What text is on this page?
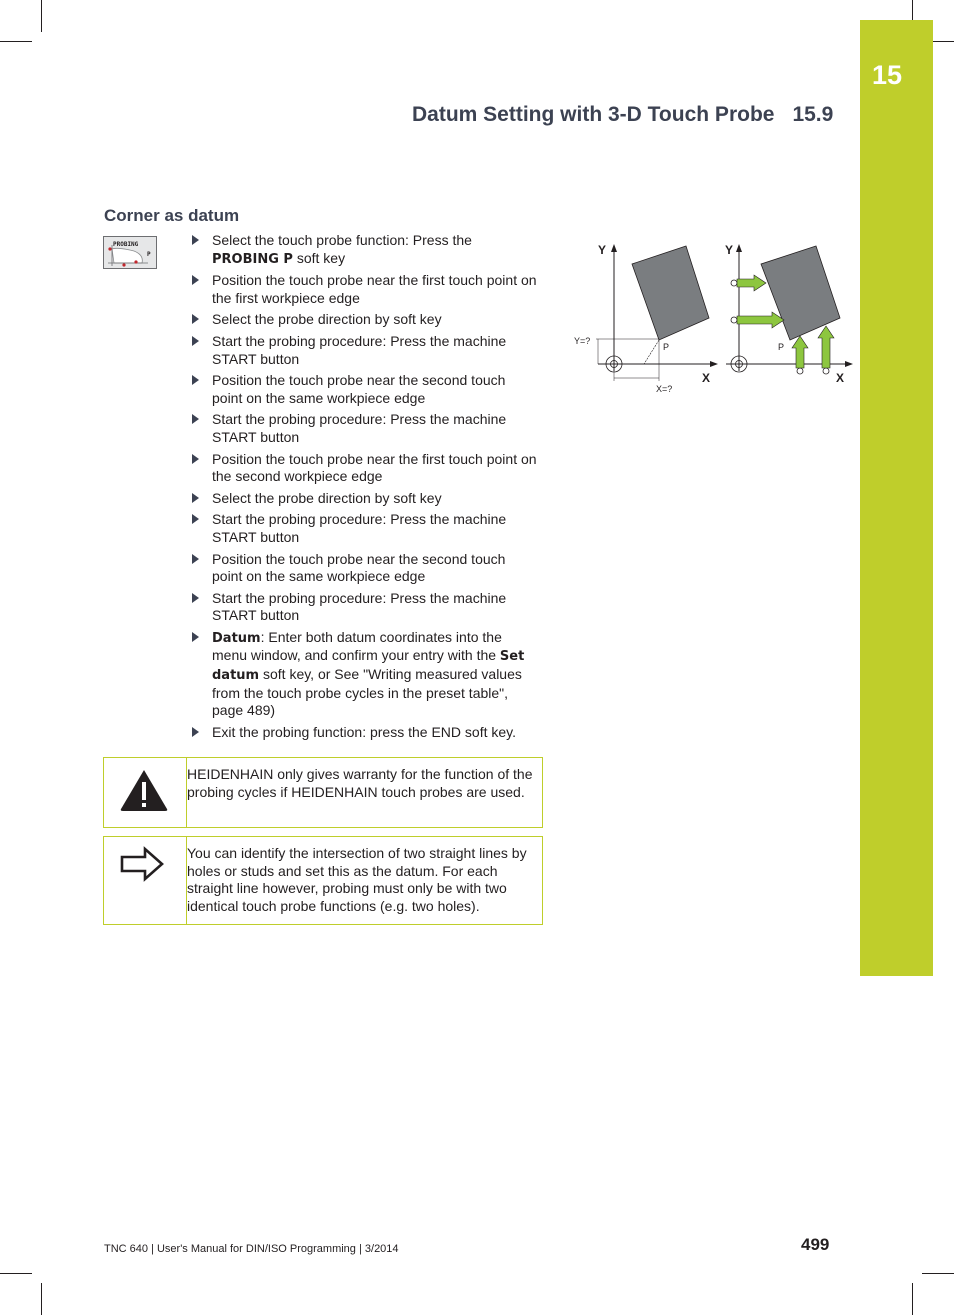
15
Datum Setting with 3-D Touch Probe 15.9
Corner as datum
PROBING
P
Select the touch probe function: Press the PROBING P soft key
Position the touch probe near the first touch point on the first workpiece edge
Select the probe direction by soft key
Start the probing procedure: Press the machine START button
Position the touch probe near the second touch point on the same workpiece edge
Start the probing procedure: Press the machine START button
Position the touch probe near the first touch point on the second workpiece edge
Select the probe direction by soft key
Start the probing procedure: Press the machine START button
Position the touch probe near the second touch point on the same workpiece edge
Start the probing procedure: Press the machine START button
Datum: Enter both datum coordinates into the menu window, and confirm your entry with the Set datum soft key, or See "Writing measured values from the touch probe cycles in the preset table", page 489)
Exit the probing function: press the END soft key.
HEIDENHAIN only gives warranty for the function of the probing cycles if HEIDENHAIN touch probes are used.
You can identify the intersection of two straight lines by holes or studs and set this as the datum. For each straight line however, probing must only be with two identical touch probe functions (e.g. two holes).
Y
X
Y=?
X=?
P
Y
X
P
TNC 640 | User's Manual for DIN/ISO Programming | 3/2014	499
